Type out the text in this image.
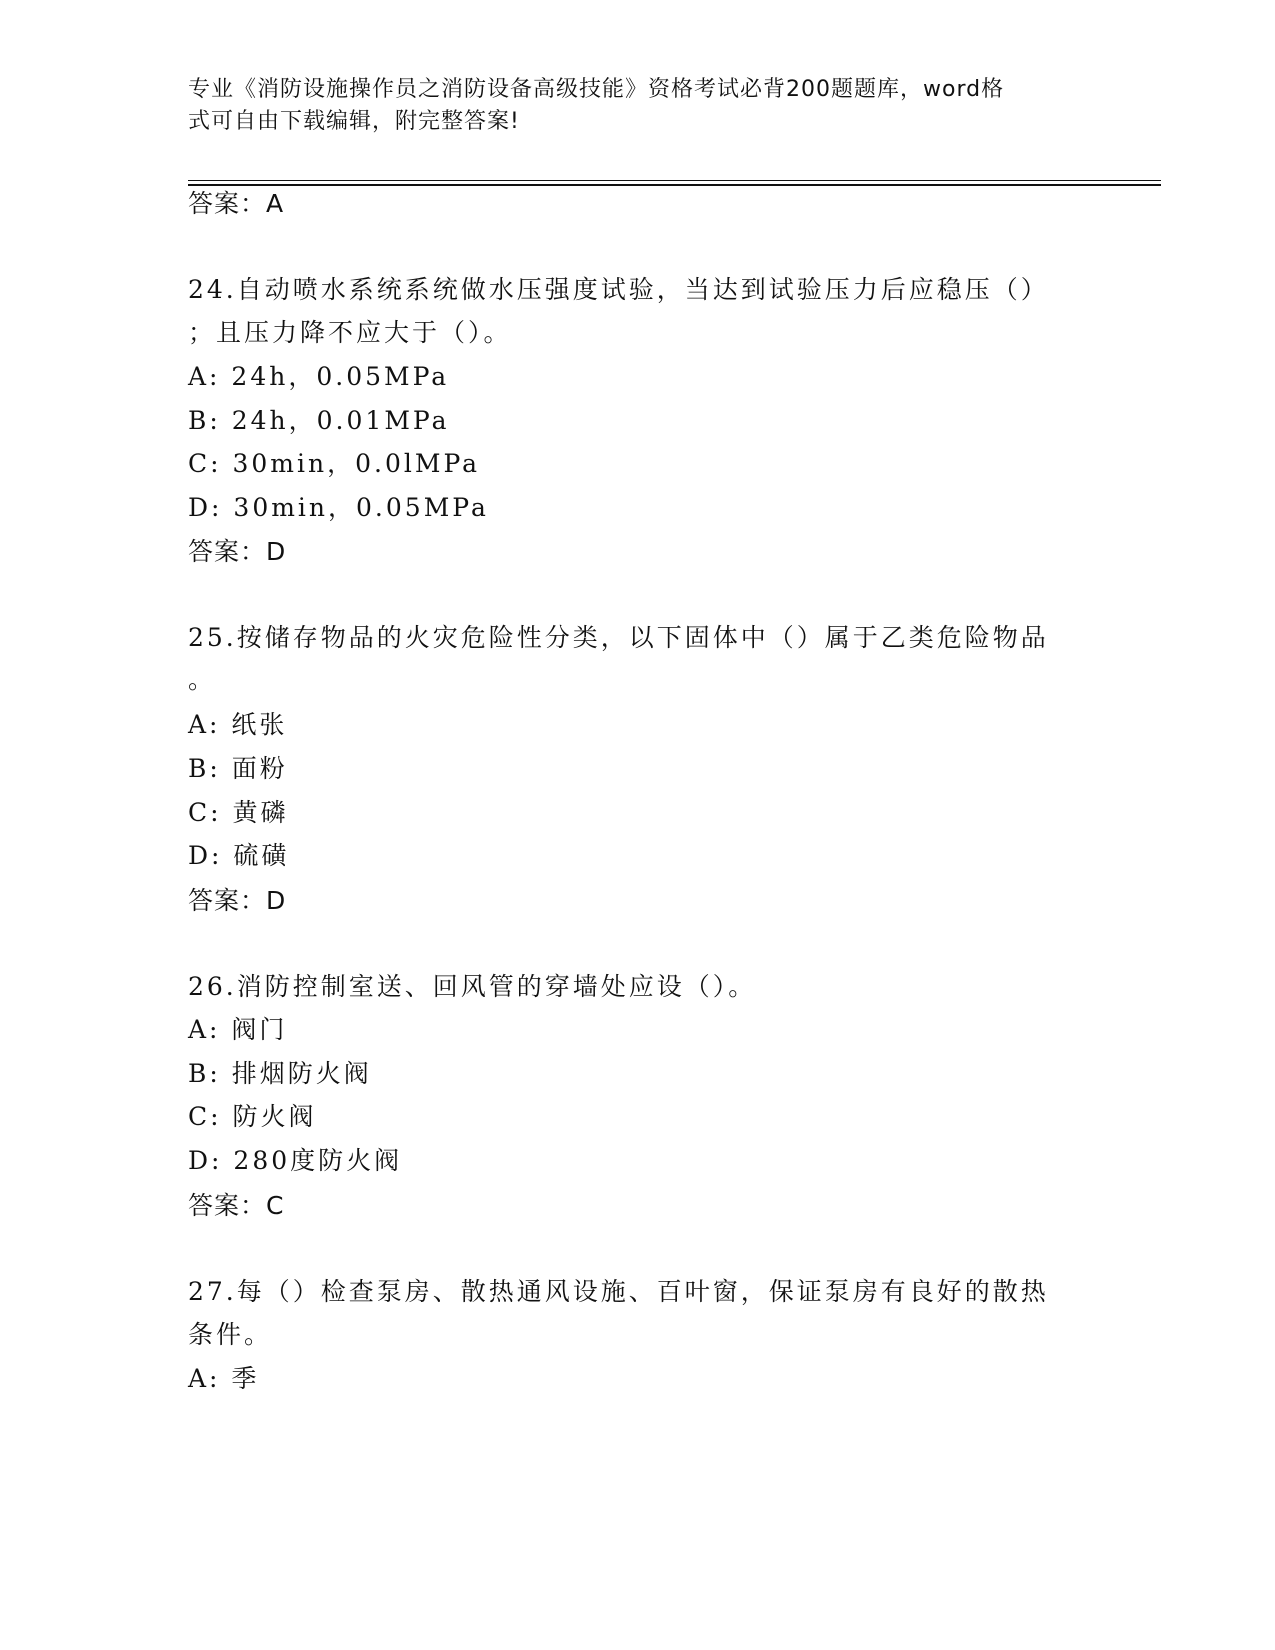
专业《消防设施操作员之消防设备高级技能》资格考试必背200题题库，word格
式可自由下载编辑，附完整答案!
答案：A
24.自动喷水系统系统做水压强度试验，当达到试验压力后应稳压（）
；且压力降不应大于（）。
A: 24h，0.05MPa
B: 24h，0.01MPa
C: 30min，0.0lMPa
D: 30min，0.05MPa
答案：D
25.按储存物品的火灾危险性分类，以下固体中（）属于乙类危险物品
。
A: 纸张
B: 面粉
C: 黄磷
D: 硫磺
答案：D
26.消防控制室送、回风管的穿墙处应设（）。
A: 阀门
B: 排烟防火阀
C: 防火阀
D: 280度防火阀
答案：C
27.每（）检查泵房、散热通风设施、百叶窗，保证泵房有良好的散热
条件。
A: 季
